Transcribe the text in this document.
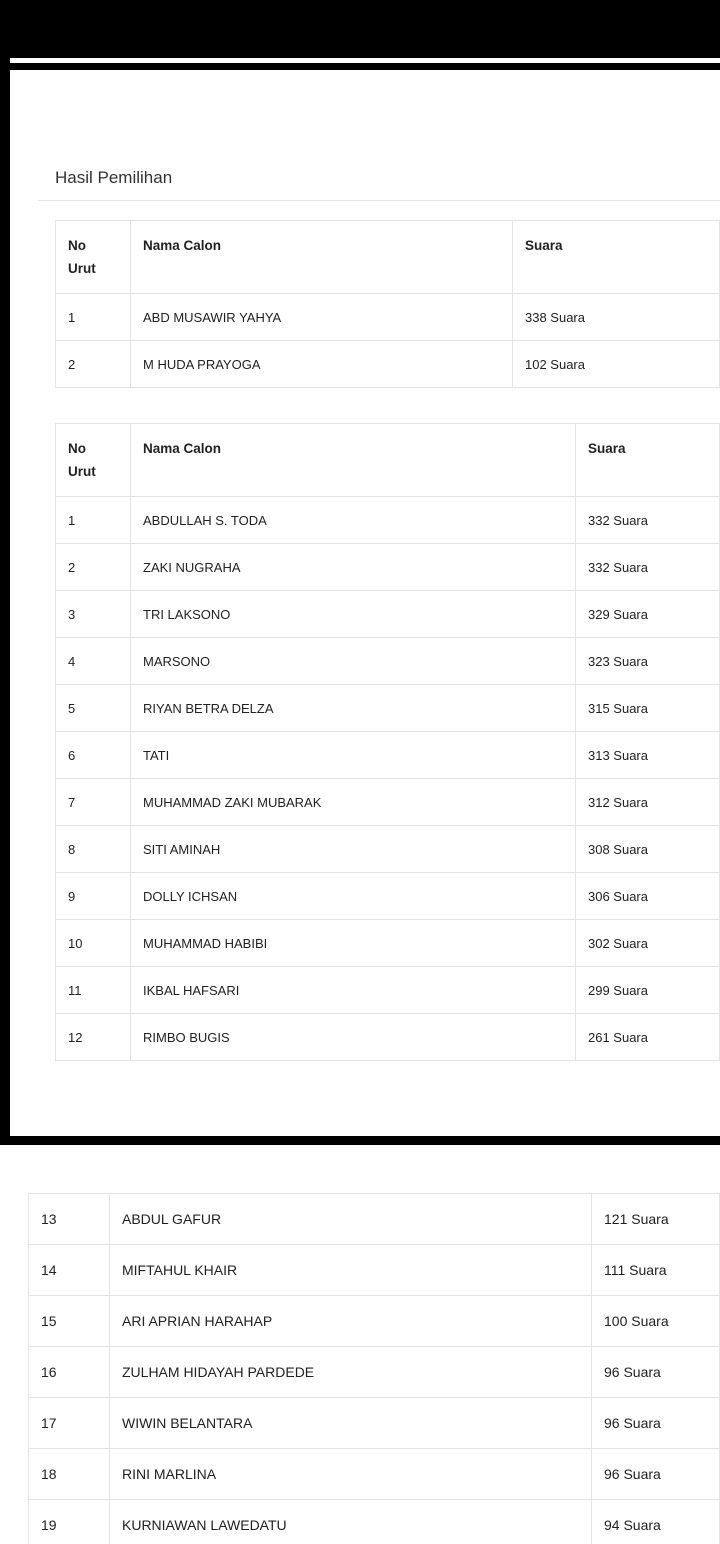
Hasil Pemilihan
No
Urut	Nama Calon	Suara
1	ABD MUSAWIR YAHYA	338 Suara
2	M HUDA PRAYOGA	102 Suara
No
Urut	Nama Calon	Suara
1	ABDULLAH S. TODA	332 Suara
2	ZAKI NUGRAHA	332 Suara
3	TRI LAKSONO	329 Suara
4	MARSONO	323 Suara
5	RIYAN BETRA DELZA	315 Suara
6	TATI	313 Suara
7	MUHAMMAD ZAKI MUBARAK	312 Suara
8	SITI AMINAH	308 Suara
9	DOLLY ICHSAN	306 Suara
10	MUHAMMAD HABIBI	302 Suara
11	IKBAL HAFSARI	299 Suara
12	RIMBO BUGIS	261 Suara
13	ABDUL GAFUR	121 Suara
14	MIFTAHUL KHAIR	111 Suara
15	ARI APRIAN HARAHAP	100 Suara
16	ZULHAM HIDAYAH PARDEDE	96 Suara
17	WIWIN BELANTARA	96 Suara
18	RINI MARLINA	96 Suara
19	KURNIAWAN LAWEDATU	94 Suara
